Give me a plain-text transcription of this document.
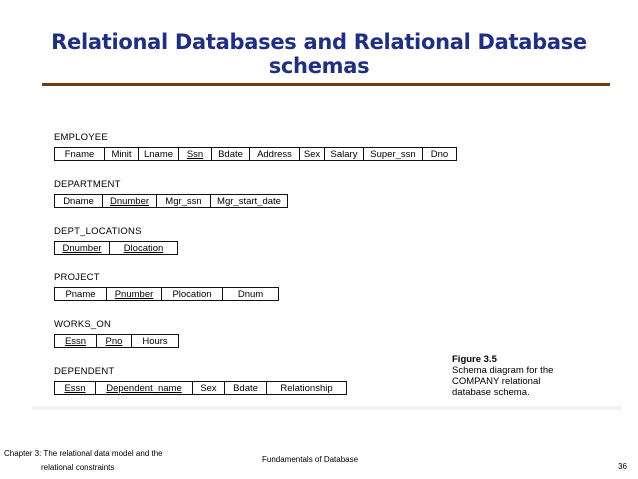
Relational Databases and Relational Database schemas
EMPLOYEE
Fname	Minit	Lname	Ssn	Bdate	Address	Sex	Salary	Super_ssn	Dno
DEPARTMENT
Dname	Dnumber	Mgr_ssn	Mgr_start_date
DEPT_LOCATIONS
Dnumber	Dlocation
PROJECT
Pname	Pnumber	Plocation	Dnum
WORKS_ON
Essn	Pno	Hours
DEPENDENT
Essn	Dependent_name	Sex	Bdate	Relationship
Figure 3.5
Schema diagram for the
COMPANY relational
database schema.
Chapter 3: The relational data model and the
relational constraints
Fundamentals of Database
36
